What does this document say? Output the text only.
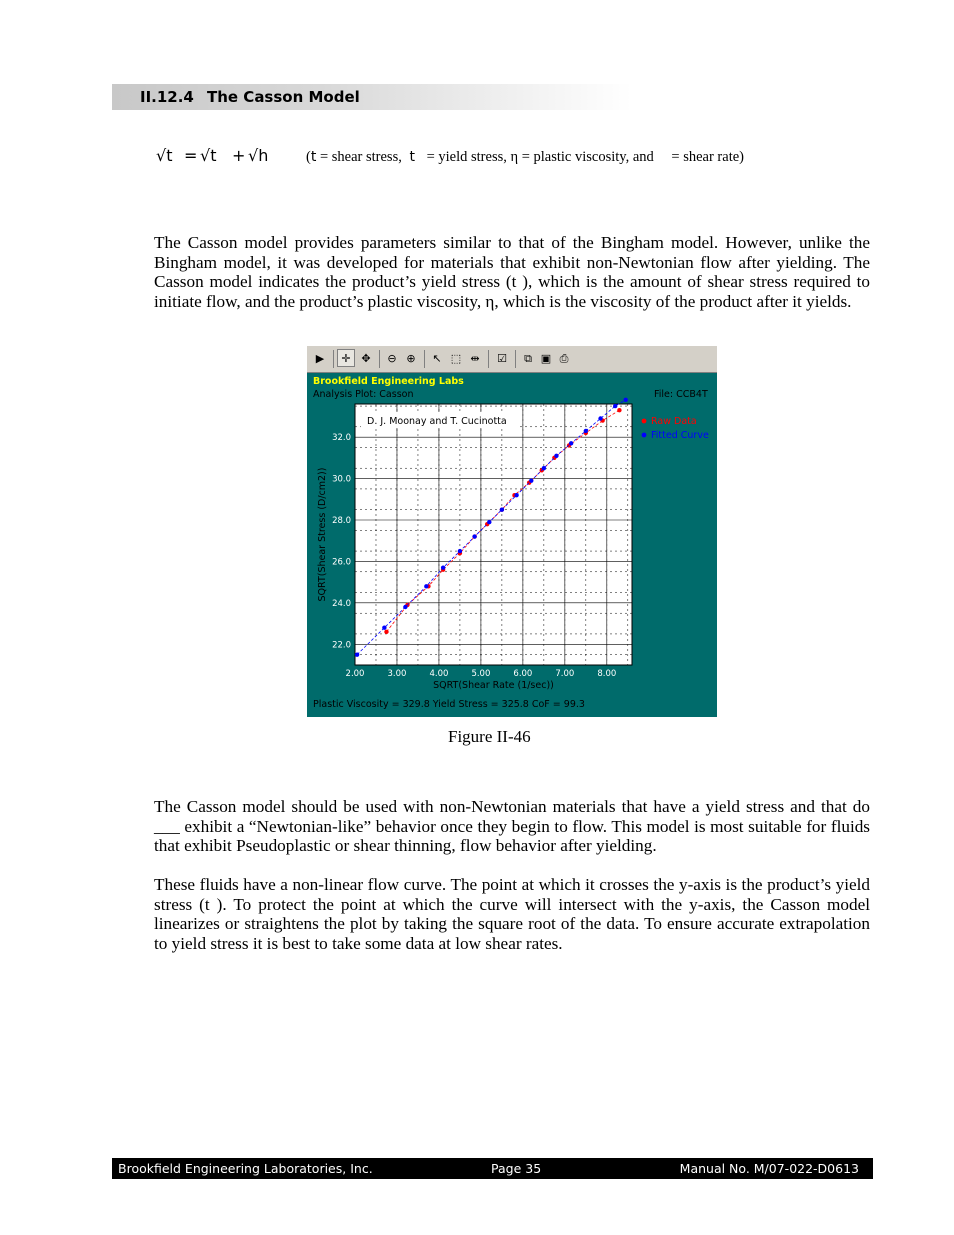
II.12.4 The Casson Model
√t = √t + √h	(t = shear stress, t = yield stress, η = plastic viscosity, and = shear rate)

The Casson model provides parameters similar to that of the Bingham model. However, unlike the Bingham model, it was developed for materials that exhibit non-Newtonian flow after yielding. The Casson model indicates the product’s yield stress (t ), which is the amount of shear stress required to initiate flow, and the product’s plastic viscosity, η, which is the viscosity of the product after it yields.

▶	✛ ✥	⊖ ⊕	↖ ⬚ ⇹	☑	⧉ ▣ ⎙
Brookfield Engineering Labs
Analysis Plot: Casson	File: CCB4T
2.00	3.00	4.00	5.00	6.00	7.00	8.00
22.0
24.0
26.0
28.0
30.0
32.0
SQRT(Shear Rate (1/sec))
SQRT(Shear Stress (D/cm2))
D. J. Moonay and T. Cucinotta	Raw Data
Fitted Curve
Plastic Viscosity = 329.8 Yield Stress = 325.8 CoF = 99.3
Figure II-46

The Casson model should be used with non-Newtonian materials that have a yield stress and that do ___ exhibit a “Newtonian-like” behavior once they begin to flow. This model is most suitable for fluids that exhibit Pseudoplastic or shear thinning, flow behavior after yielding.

These fluids have a non-linear flow curve. The point at which it crosses the y-axis is the product’s yield stress (t ). To protect the point at which the curve will intersect with the y-axis, the Casson model linearizes or straightens the plot by taking the square root of the data. To ensure accurate extrapolation to yield stress it is best to take some data at low shear rates.

Brookfield Engineering Laboratories, Inc.	Page 35	Manual No. M/07-022-D0613
